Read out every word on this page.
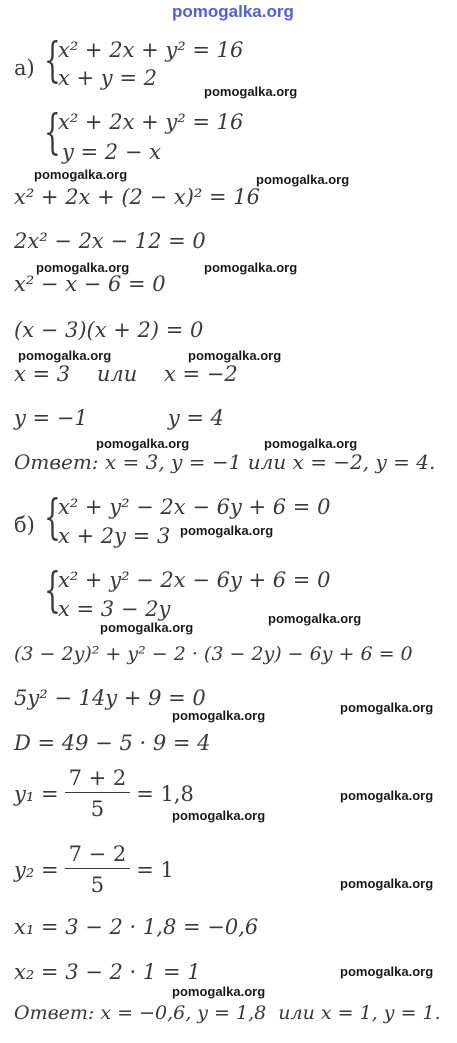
pomogalka.org
а) {
x² + 2x + y² = 16
x + y = 2
pomogalka.org
{
x² + 2x + y² = 16
y = 2 − x
pomogalka.org	pomogalka.org
x² + 2x + (2 − x)² = 16
2x² − 2x − 12 = 0
pomogalka.org	pomogalka.org
x² − x − 6 = 0
(x − 3)(x + 2) = 0
pomogalka.org	pomogalka.org
x = 3    или    x = −2
y = −1            y = 4
pomogalka.org	pomogalka.org
Ответ: x = 3, y = −1 или x = −2, y = 4.
б) {
x² + y² − 2x − 6y + 6 = 0
x + 2y = 3 pomogalka.org
{
x² + y² − 2x − 6y + 6 = 0
x = 3 − 2y	pomogalka.org
pomogalka.org
(3 − 2y)² + y² − 2 · (3 − 2y) − 6y + 6 = 0
5y² − 14y + 9 = 0	pomogalka.org
pomogalka.org
D = 49 − 5 · 9 = 4
$y_1 = \frac{7 + 2}{5} = 1,8$	pomogalka.org
pomogalka.org
$y_2 = \frac{7 - 2}{5} = 1$
pomogalka.org
x₁ = 3 − 2 · 1,8 = −0,6
x₂ = 3 − 2 · 1 = 1	pomogalka.org
pomogalka.org
Ответ: x = −0,6, y = 1,8  или x = 1, y = 1.
